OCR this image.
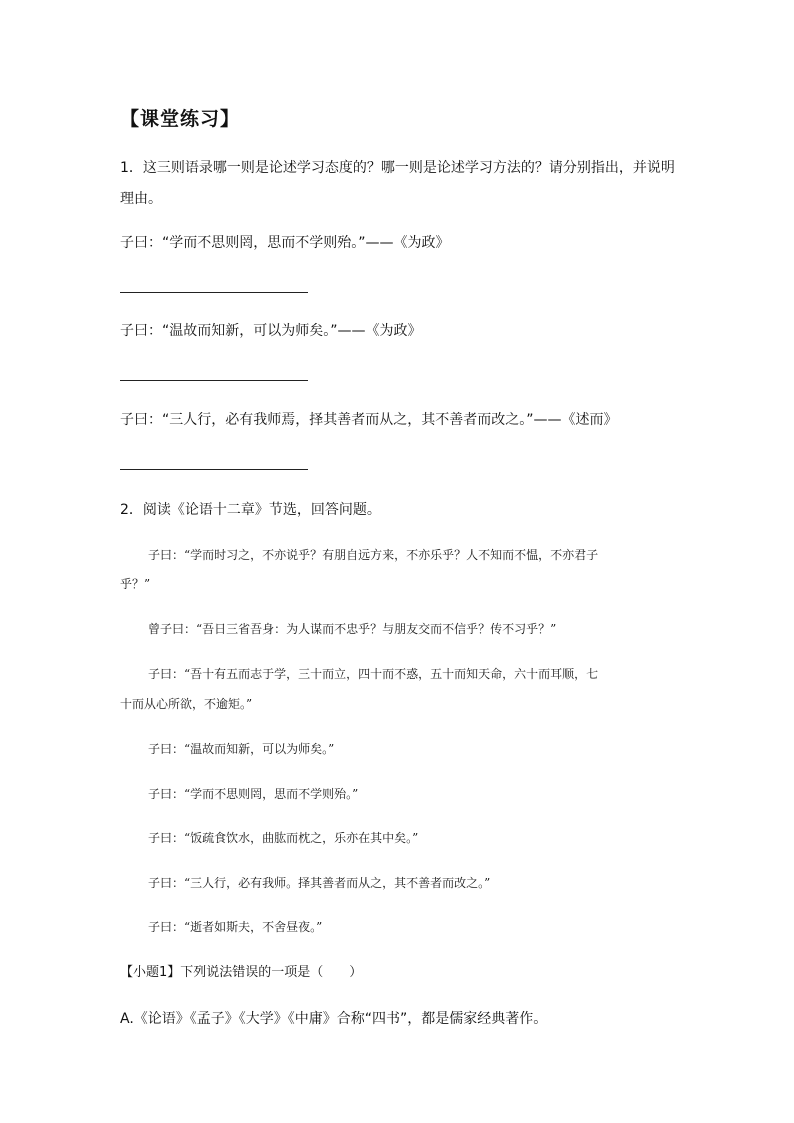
【课堂练习】
1．这三则语录哪一则是论述学习态度的？哪一则是论述学习方法的？请分别指出，并说明
理由。
子曰：“学而不思则罔，思而不学则殆。”——《为政》
子曰：“温故而知新，可以为师矣。”——《为政》
子曰：“三人行，必有我师焉，择其善者而从之，其不善者而改之。”——《述而》
2．阅读《论语十二章》节选，回答问题。
子曰：“学而时习之，不亦说乎？有朋自远方来，不亦乐乎？人不知而不愠，不亦君子
乎？”
曾子曰：“吾日三省吾身：为人谋而不忠乎？与朋友交而不信乎？传不习乎？”
子曰：“吾十有五而志于学，三十而立，四十而不惑，五十而知天命，六十而耳顺，七
十而从心所欲，不逾矩。”
子曰：“温故而知新，可以为师矣。”
子曰：“学而不思则罔，思而不学则殆。”
子曰：“饭疏食饮水，曲肱而枕之，乐亦在其中矣。”
子曰：“三人行，必有我师。择其善者而从之，其不善者而改之。”
子曰：“逝者如斯夫，不舍昼夜。”
【小题1】下列说法错误的一项是（　　）
A.《论语》《孟子》《大学》《中庸》合称“四书”，都是儒家经典著作。
